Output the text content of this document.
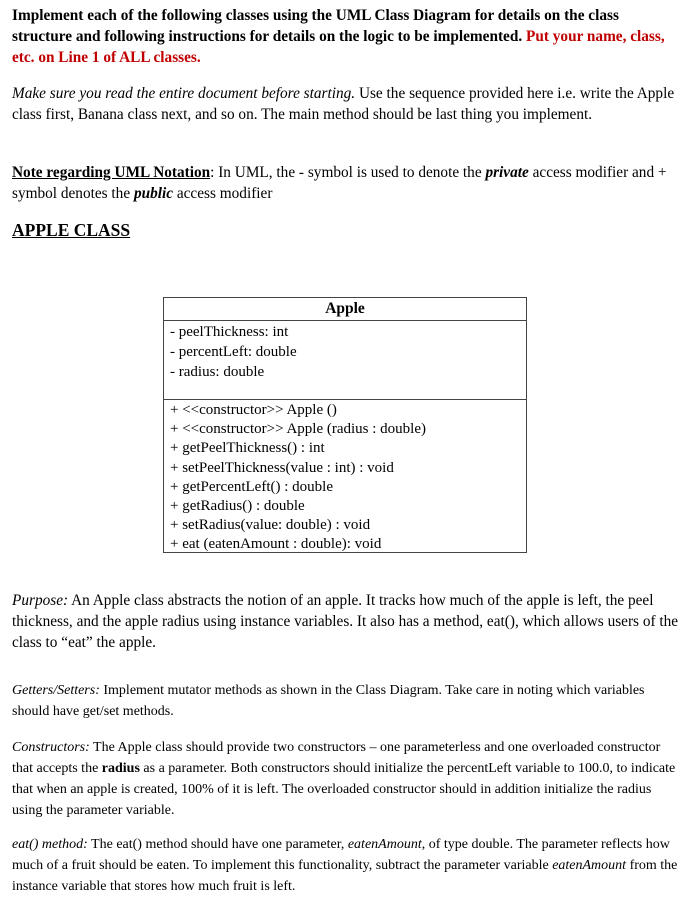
Implement each of the following classes using the UML Class Diagram for details on the class structure and following instructions for details on the logic to be implemented. Put your name, class, etc. on Line 1 of ALL classes.

Make sure you read the entire document before starting. Use the sequence provided here i.e. write the Apple class first, Banana class next, and so on. The main method should be last thing you implement.

Note regarding UML Notation: In UML, the - symbol is used to denote the private access modifier and + symbol denotes the public access modifier

APPLE CLASS
Apple
- peelThickness: int
- percentLeft: double
- radius: double
+ <<constructor>> Apple ()
+ <<constructor>> Apple (radius : double)
+ getPeelThickness() : int
+ setPeelThickness(value : int) : void
+ getPercentLeft() : double
+ getRadius() : double
+ setRadius(value: double) : void
+ eat (eatenAmount : double): void

Purpose: An Apple class abstracts the notion of an apple. It tracks how much of the apple is left, the peel thickness, and the apple radius using instance variables. It also has a method, eat(), which allows users of the class to “eat” the apple.

Getters/Setters: Implement mutator methods as shown in the Class Diagram. Take care in noting which variables should have get/set methods.

Constructors: The Apple class should provide two constructors – one parameterless and one overloaded constructor that accepts the radius as a parameter. Both constructors should initialize the percentLeft variable to 100.0, to indicate that when an apple is created, 100% of it is left. The overloaded constructor should in addition initialize the radius using the parameter variable.

eat() method: The eat() method should have one parameter, eatenAmount, of type double. The parameter reflects how much of a fruit should be eaten. To implement this functionality, subtract the parameter variable eatenAmount from the instance variable that stores how much fruit is left.
